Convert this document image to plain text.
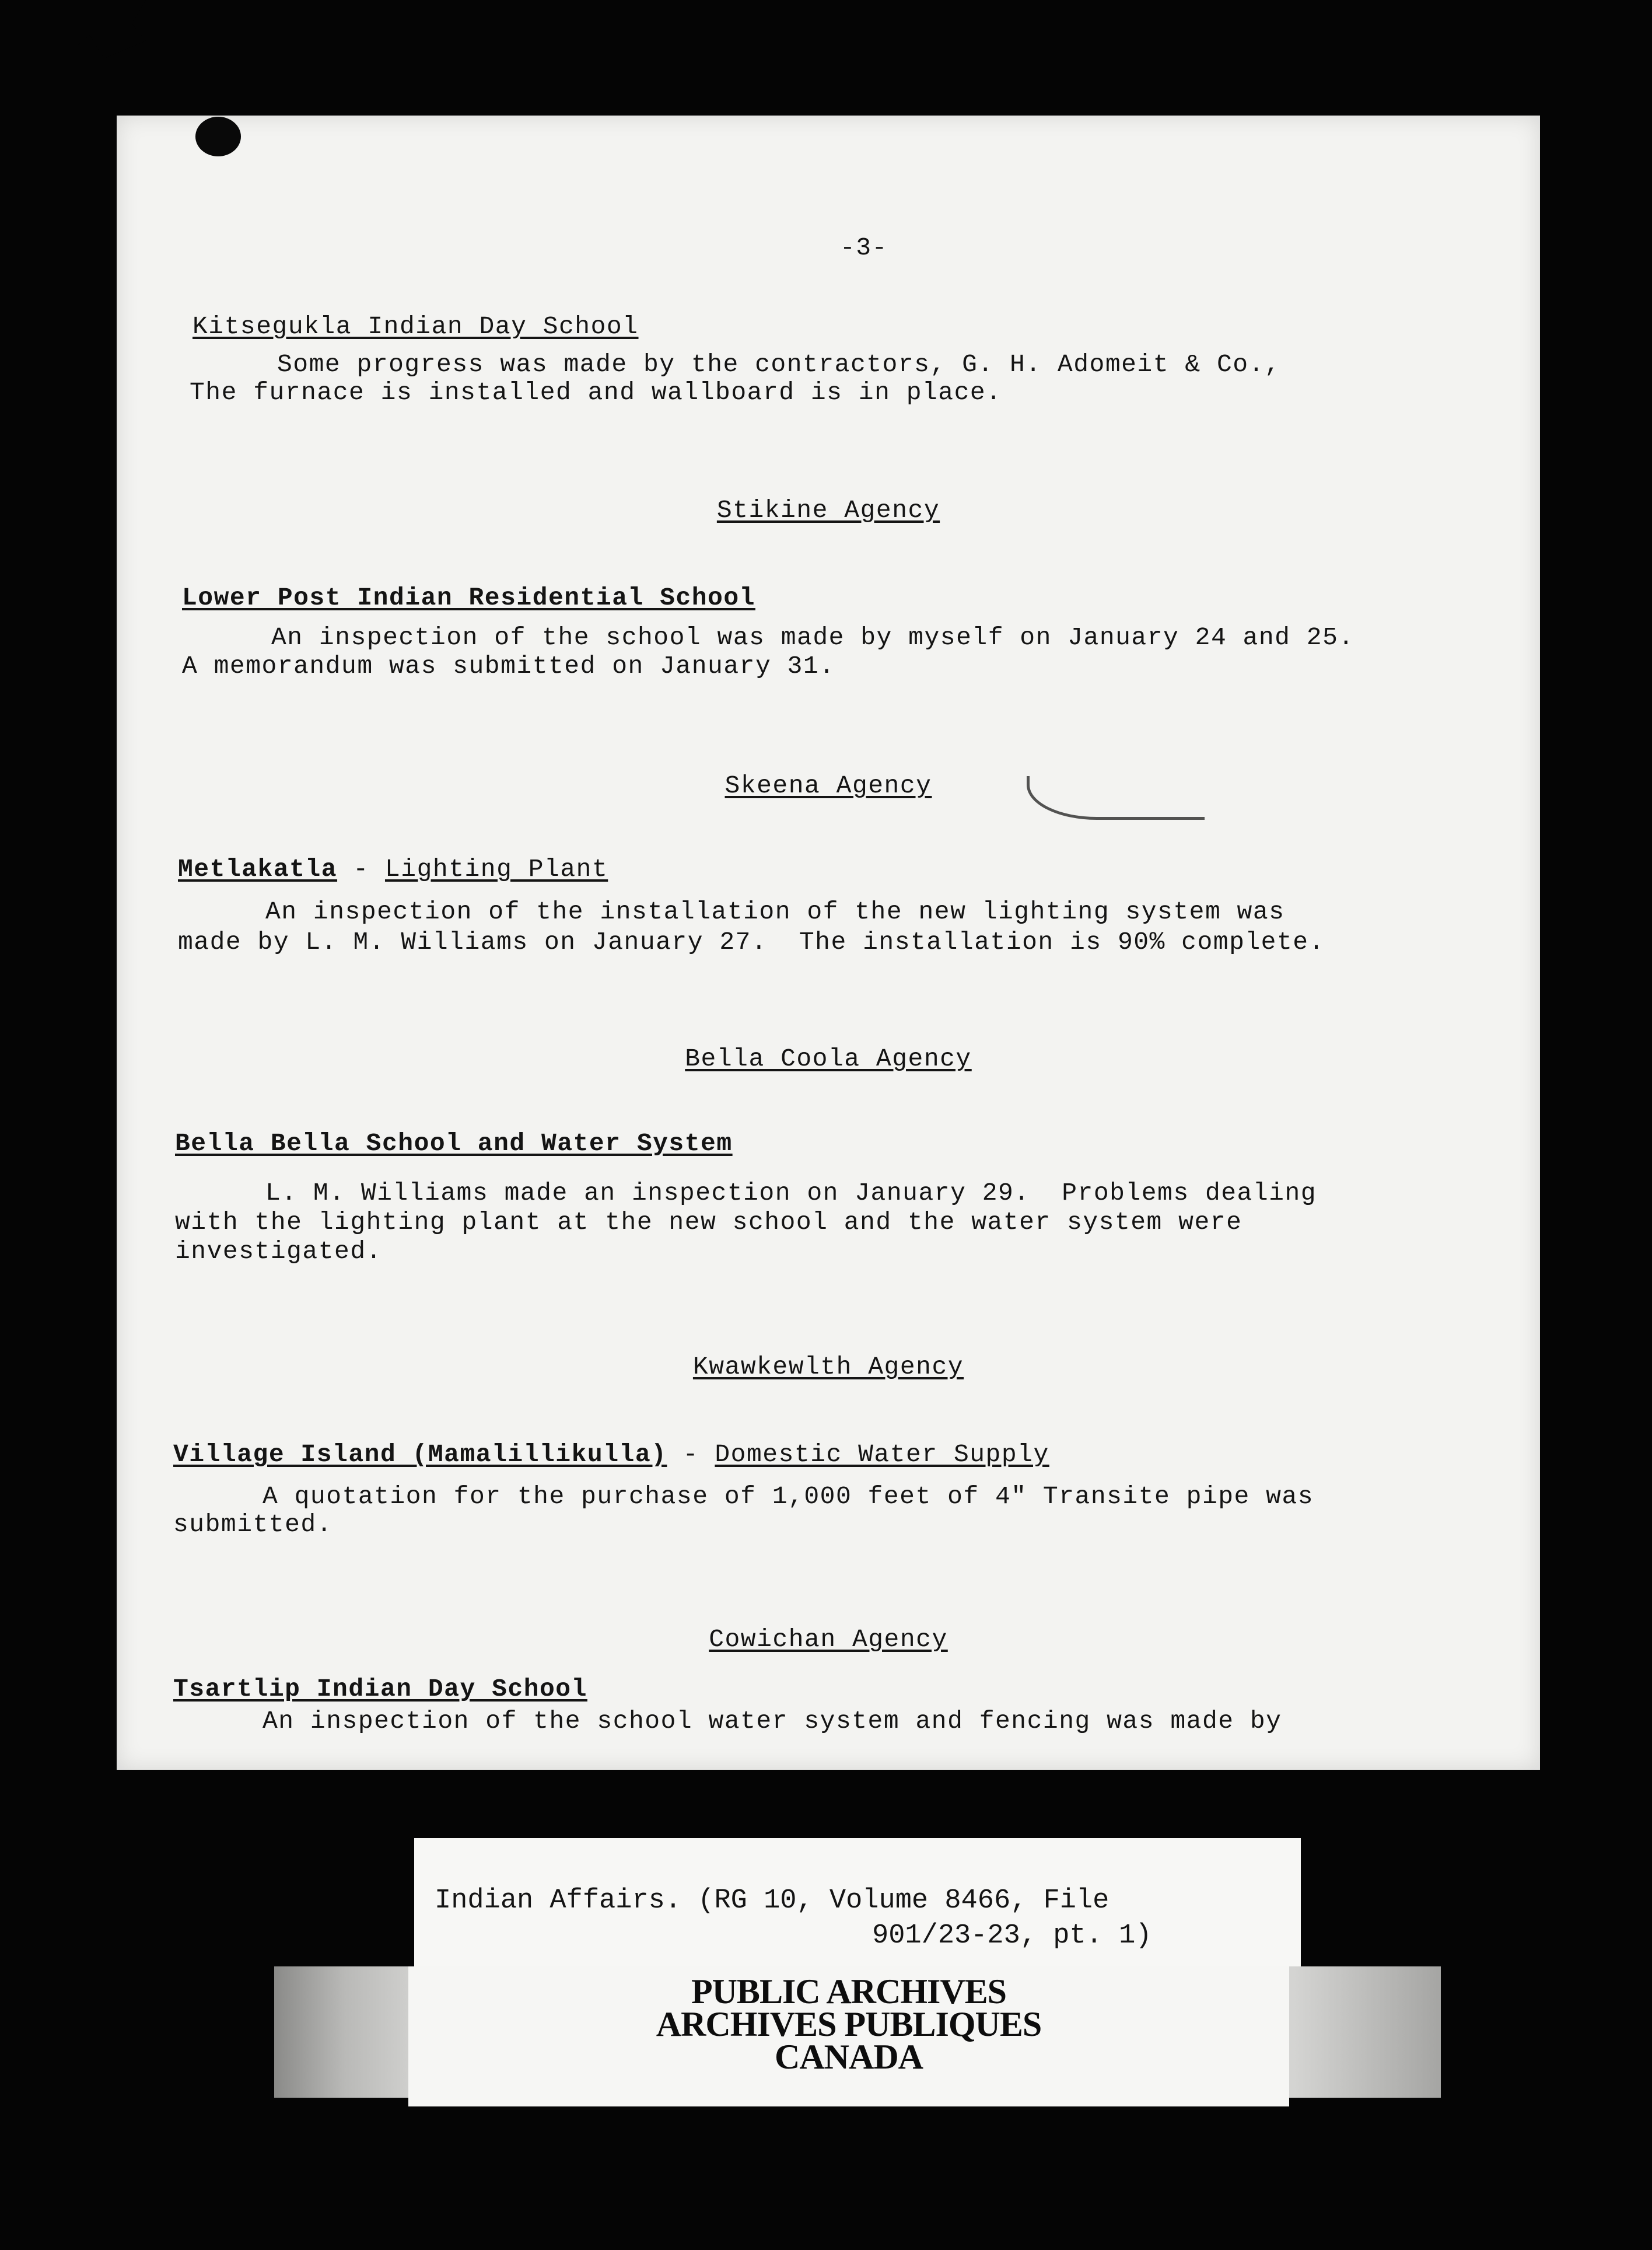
-3-

Kitsegukla Indian Day School

Some progress was made by the contractors, G. H. Adomeit & Co.,

The furnace is installed and wallboard is in place.

Stikine Agency

Lower Post Indian Residential School

An inspection of the school was made by myself on January 24 and 25.

A memorandum was submitted on January 31.

Skeena Agency

Metlakatla - Lighting Plant

An inspection of the installation of the new lighting system was

made by L. M. Williams on January 27.  The installation is 90% complete.

Bella Coola Agency

Bella Bella School and Water System

L. M. Williams made an inspection on January 29.  Problems dealing

with the lighting plant at the new school and the water system were

investigated.

Kwawkewlth Agency

Village Island (Mamalillikulla) - Domestic Water Supply

A quotation for the purchase of 1,000 feet of 4" Transite pipe was

submitted.

Cowichan Agency

Tsartlip Indian Day School

An inspection of the school water system and fencing was made by

Indian Affairs. (RG 10, Volume 8466, File

901/23-23, pt. 1)

PUBLIC ARCHIVES
ARCHIVES PUBLIQUES
CANADA
